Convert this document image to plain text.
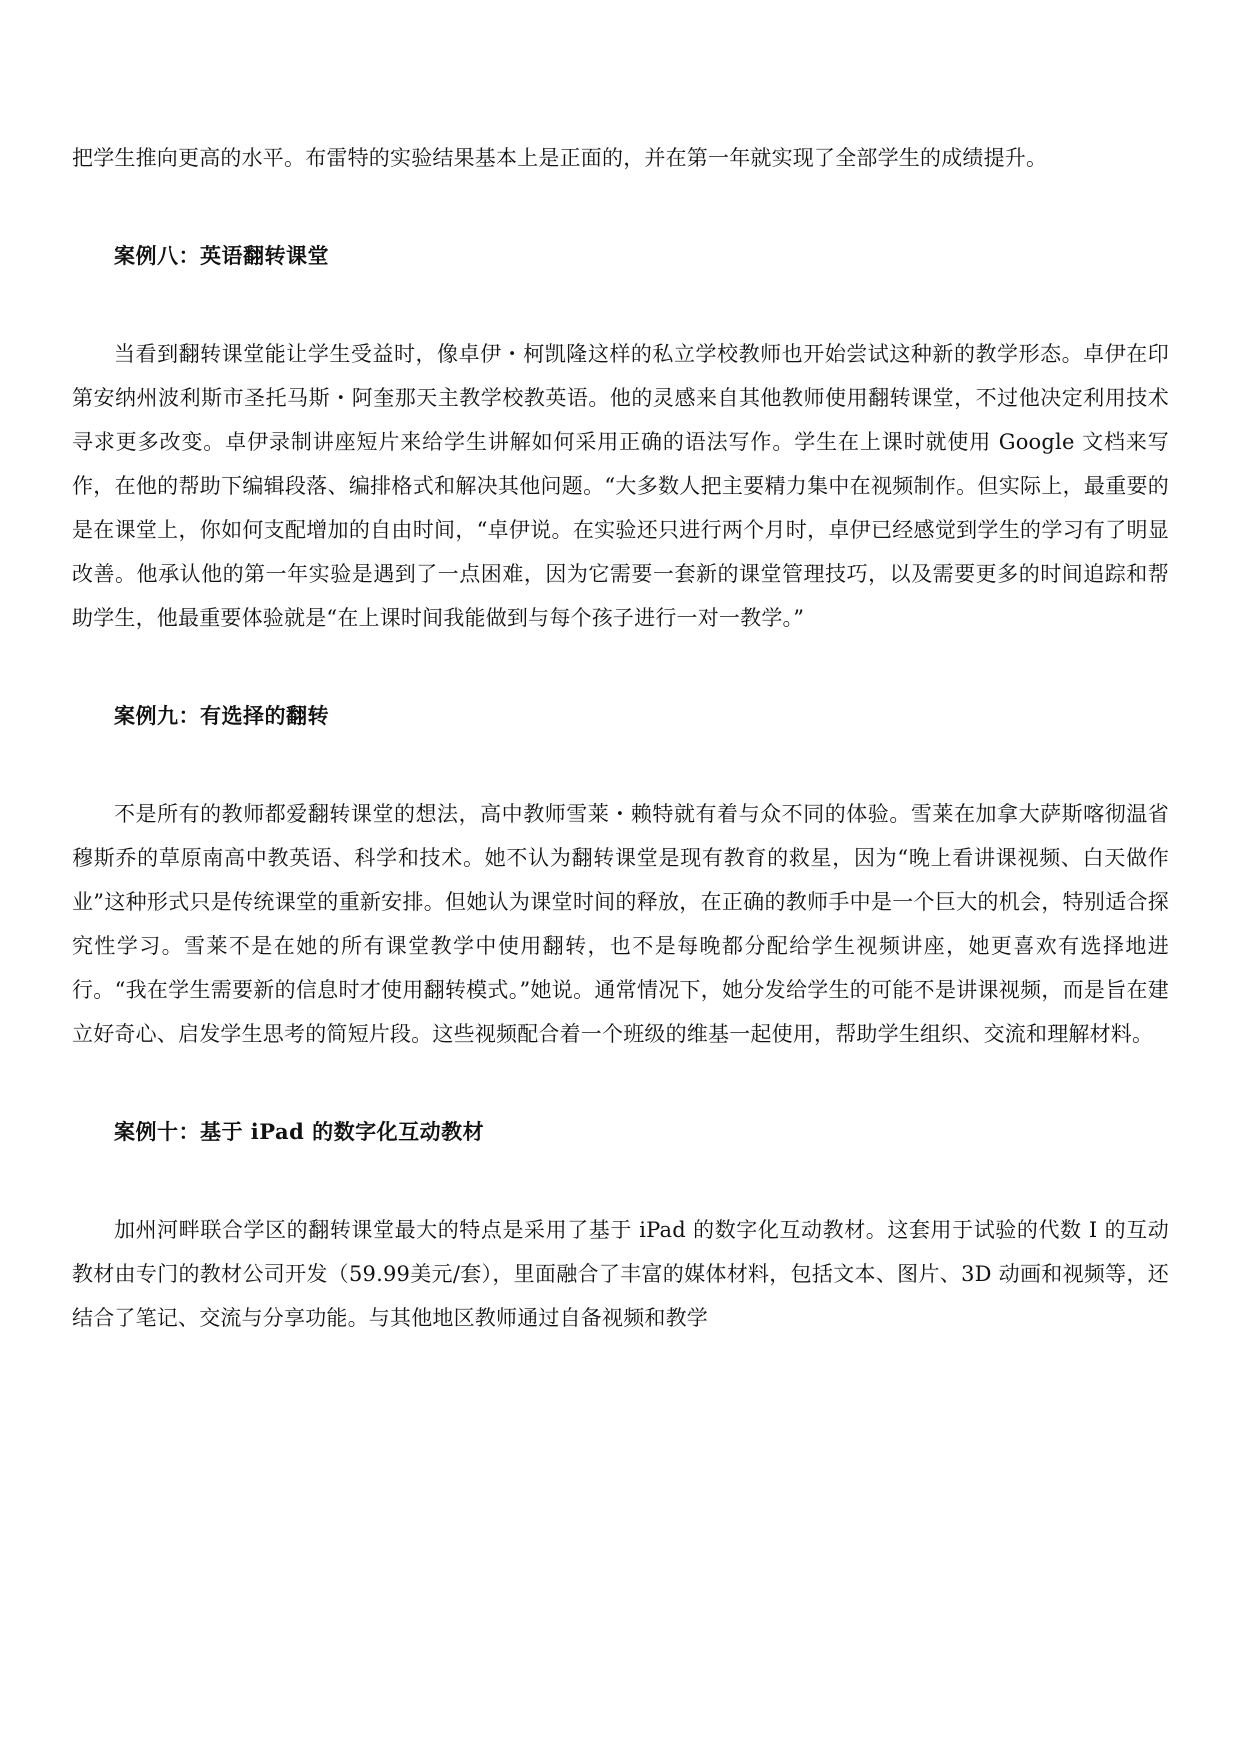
把学生推向更高的水平。布雷特的实验结果基本上是正面的，并在第一年就实现了全部学生的成绩提升。

案例八：英语翻转课堂

当看到翻转课堂能让学生受益时，像卓伊・柯凯隆这样的私立学校教师也开始尝试这种新的教学形态。卓伊在印第安纳州波利斯市圣托马斯・阿奎那天主教学校教英语。他的灵感来自其他教师使用翻转课堂，不过他决定利用技术寻求更多改变。卓伊录制讲座短片来给学生讲解如何采用正确的语法写作。学生在上课时就使用 Google 文档来写作，在他的帮助下编辑段落、编排格式和解决其他问题。“大多数人把主要精力集中在视频制作。但实际上，最重要的是在课堂上，你如何支配增加的自由时间，“卓伊说。在实验还只进行两个月时，卓伊已经感觉到学生的学习有了明显改善。他承认他的第一年实验是遇到了一点困难，因为它需要一套新的课堂管理技巧，以及需要更多的时间追踪和帮助学生，他最重要体验就是“在上课时间我能做到与每个孩子进行一对一教学。”

案例九：有选择的翻转

不是所有的教师都爱翻转课堂的想法，高中教师雪莱・赖特就有着与众不同的体验。雪莱在加拿大萨斯喀彻温省穆斯乔的草原南高中教英语、科学和技术。她不认为翻转课堂是现有教育的救星，因为“晚上看讲课视频、白天做作业”这种形式只是传统课堂的重新安排。但她认为课堂时间的释放，在正确的教师手中是一个巨大的机会，特别适合探究性学习。雪莱不是在她的所有课堂教学中使用翻转，也不是每晚都分配给学生视频讲座，她更喜欢有选择地进行。“我在学生需要新的信息时才使用翻转模式。”她说。通常情况下，她分发给学生的可能不是讲课视频，而是旨在建立好奇心、启发学生思考的简短片段。这些视频配合着一个班级的维基一起使用，帮助学生组织、交流和理解材料。

案例十：基于 iPad 的数字化互动教材

加州河畔联合学区的翻转课堂最大的特点是采用了基于 iPad 的数字化互动教材。这套用于试验的代数 I 的互动教材由专门的教材公司开发（59.99美元/套），里面融合了丰富的媒体材料，包括文本、图片、3D 动画和视频等，还结合了笔记、交流与分享功能。与其他地区教师通过自备视频和教学
